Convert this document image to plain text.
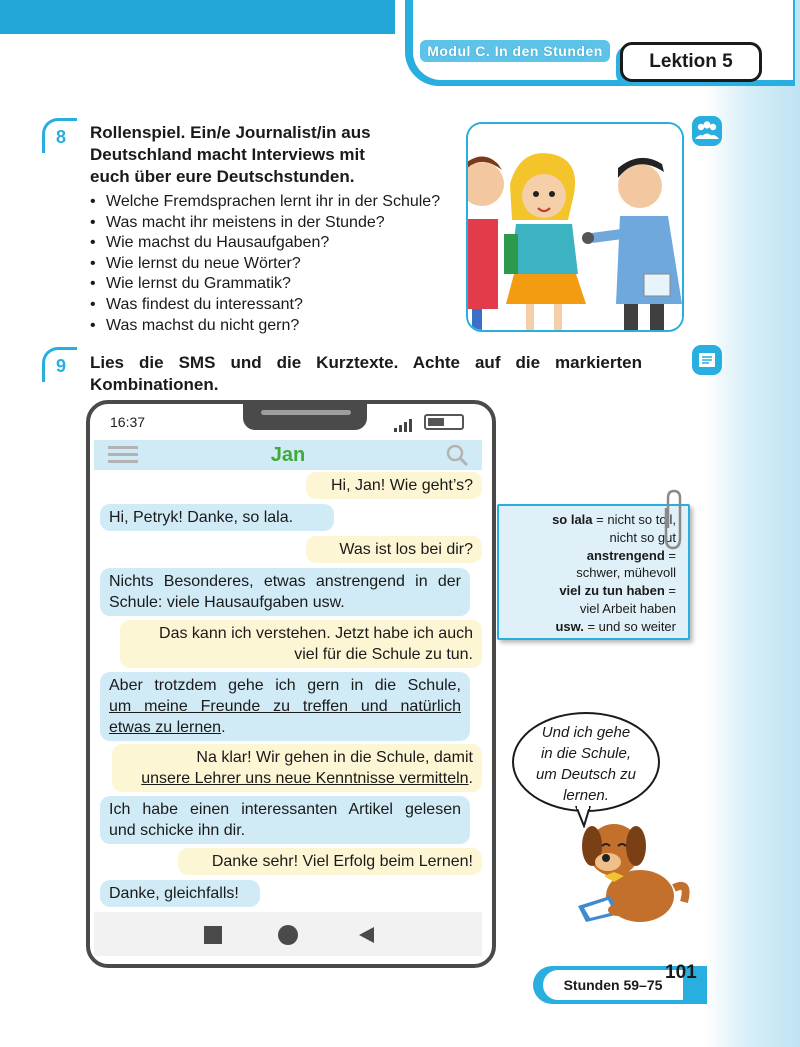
Modul C. In den Stunden	Lektion 5
8	Rollenspiel. Ein/e Journalist/in aus
Deutschland macht Interviews mit
euch über eure Deutschstunden.
• Welche Fremdsprachen lernt ihr in der Schule?
• Was macht ihr meistens in der Stunde?
• Wie machst du Hausaufgaben?
• Wie lernst du neue Wörter?
• Wie lernst du Grammatik?
• Was findest du interessant?
• Was machst du nicht gern?
9	Lies die SMS und die Kurztexte. Achte auf die markierten
Kombinationen.
16:37
Jan
Hi, Jan! Wie geht’s?
Hi, Petryk! Danke, so lala.
Was ist los bei dir?
Nichts Besonderes, etwas anstrengend in der
Schule: viele Hausaufgaben usw.
Das kann ich verstehen. Jetzt habe ich auch
viel für die Schule zu tun.
Aber trotzdem gehe ich gern in die Schule,
um meine Freunde zu treffen und natürlich
etwas zu lernen.
Na klar! Wir gehen in die Schule, damit
unsere Lehrer uns neue Kenntnisse vermitteln.
Ich habe einen interessanten Artikel gelesen
und schicke ihn dir.
Danke sehr! Viel Erfolg beim Lernen!
Danke, gleichfalls!
so lala = nicht so toll,
nicht so gut
anstrengend =
schwer, mühevoll
viel zu tun haben =
viel Arbeit haben
usw. = und so weiter
Und ich gehe
in die Schule,
um Deutsch zu
lernen.
Stunden 59–75
101
